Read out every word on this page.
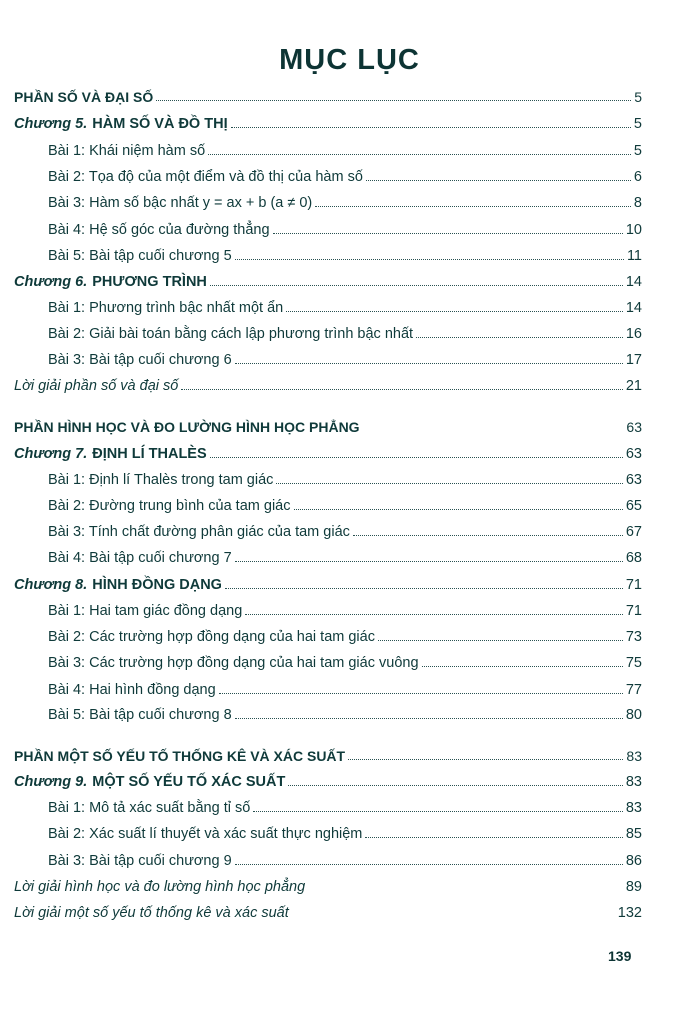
MỤC LỤC
PHẦN SỐ VÀ ĐẠI SỐ	5
Chương 5. HÀM SỐ VÀ ĐỒ THỊ	5
Bài 1: Khái niệm hàm số	5
Bài 2: Tọa độ của một điểm và đồ thị của hàm số	6
Bài 3: Hàm số bậc nhất y = ax + b (a ≠ 0)	8
Bài 4: Hệ số góc của đường thẳng	10
Bài 5: Bài tập cuối chương 5	11
Chương 6. PHƯƠNG TRÌNH	14
Bài 1: Phương trình bậc nhất một ẩn	14
Bài 2: Giải bài toán bằng cách lập phương trình bậc nhất	16
Bài 3: Bài tập cuối chương 6	17
Lời giải phần số và đại số	21
PHẦN HÌNH HỌC VÀ ĐO LƯỜNG HÌNH HỌC PHẲNG	63
Chương 7. ĐỊNH LÍ THALÈS	63
Bài 1: Định lí Thalès trong tam giác	63
Bài 2: Đường trung bình của tam giác	65
Bài 3: Tính chất đường phân giác của tam giác	67
Bài 4: Bài tập cuối chương 7	68
Chương 8. HÌNH ĐỒNG DẠNG	71
Bài 1: Hai tam giác đồng dạng	71
Bài 2: Các trường hợp đồng dạng của hai tam giác	73
Bài 3: Các trường hợp đồng dạng của hai tam giác vuông	75
Bài 4: Hai hình đồng dạng	77
Bài 5: Bài tập cuối chương 8	80
PHẦN MỘT SỐ YẾU TỐ THỐNG KÊ VÀ XÁC SUẤT	83
Chương 9. MỘT SỐ YẾU TỐ XÁC SUẤT	83
Bài 1: Mô tả xác suất bằng tỉ số	83
Bài 2: Xác suất lí thuyết và xác suất thực nghiệm	85
Bài 3: Bài tập cuối chương 9	86
Lời giải hình học và đo lường hình học phẳng	89
Lời giải một số yếu tố thống kê và xác suất	132
139
